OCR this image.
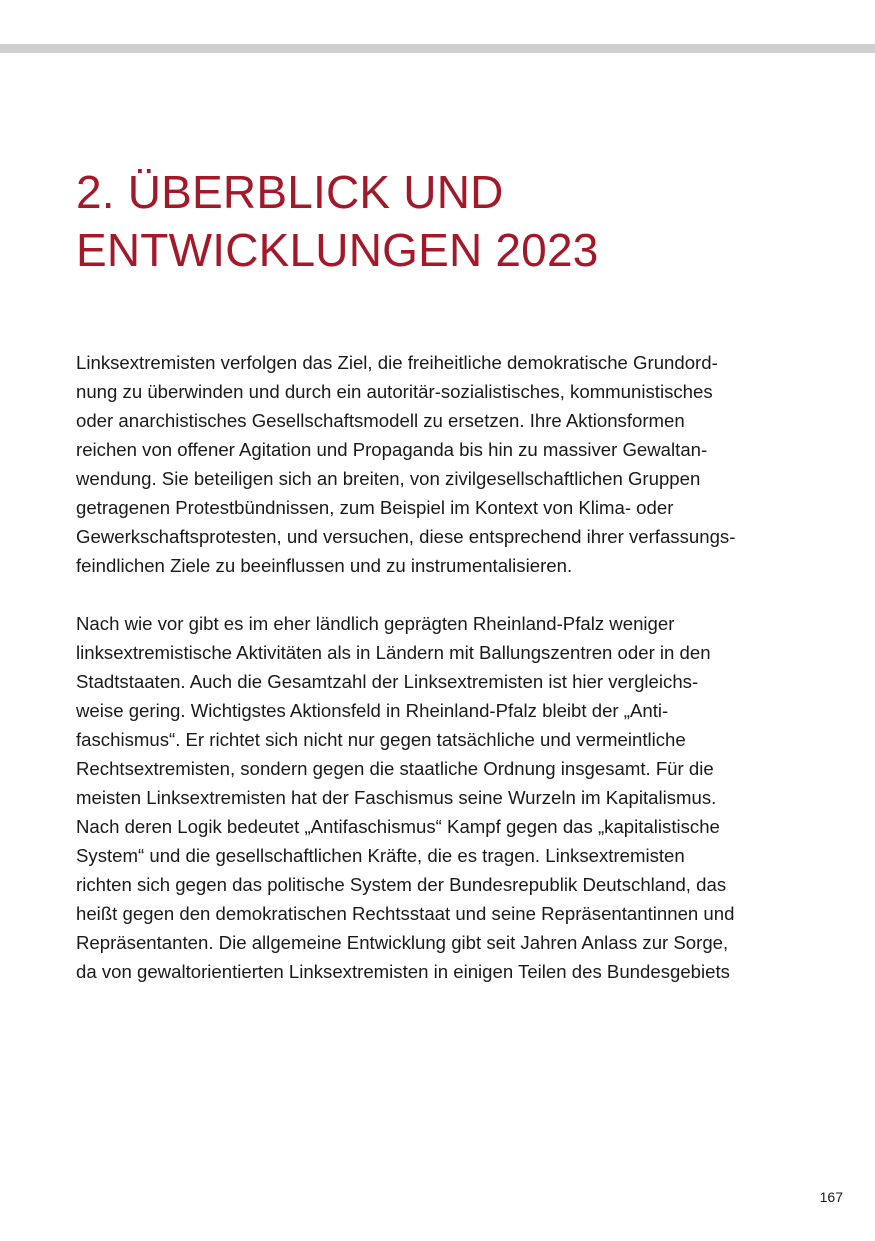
2. ÜBERBLICK UND
ENTWICKLUNGEN 2023

Linksextremisten verfolgen das Ziel, die freiheitliche demokratische Grundord-
nung zu überwinden und durch ein autoritär-sozialistisches, kommunistisches
oder anarchistisches Gesellschaftsmodell zu ersetzen. Ihre Aktionsformen
reichen von offener Agitation und Propaganda bis hin zu massiver Gewaltan-
wendung. Sie beteiligen sich an breiten, von zivilgesellschaftlichen Gruppen
getragenen Protestbündnissen, zum Beispiel im Kontext von Klima- oder
Gewerkschaftsprotesten, und versuchen, diese entsprechend ihrer verfassungs-
feindlichen Ziele zu beeinflussen und zu instrumentalisieren.

Nach wie vor gibt es im eher ländlich geprägten Rheinland-Pfalz weniger
linksextremistische Aktivitäten als in Ländern mit Ballungszentren oder in den
Stadtstaaten. Auch die Gesamtzahl der Linksextremisten ist hier vergleichs-
weise gering. Wichtigstes Aktionsfeld in Rheinland-Pfalz bleibt der „Anti-
faschismus“. Er richtet sich nicht nur gegen tatsächliche und vermeintliche
Rechtsextremisten, sondern gegen die staatliche Ordnung insgesamt. Für die
meisten Linksextremisten hat der Faschismus seine Wurzeln im Kapitalismus.
Nach deren Logik bedeutet „Antifaschismus“ Kampf gegen das „kapitalistische
System“ und die gesellschaftlichen Kräfte, die es tragen. Linksextremisten
richten sich gegen das politische System der Bundesrepublik Deutschland, das
heißt gegen den demokratischen Rechtsstaat und seine Repräsentantinnen und
Repräsentanten. Die allgemeine Entwicklung gibt seit Jahren Anlass zur Sorge,
da von gewaltorientierten Linksextremisten in einigen Teilen des Bundesgebiets

167
